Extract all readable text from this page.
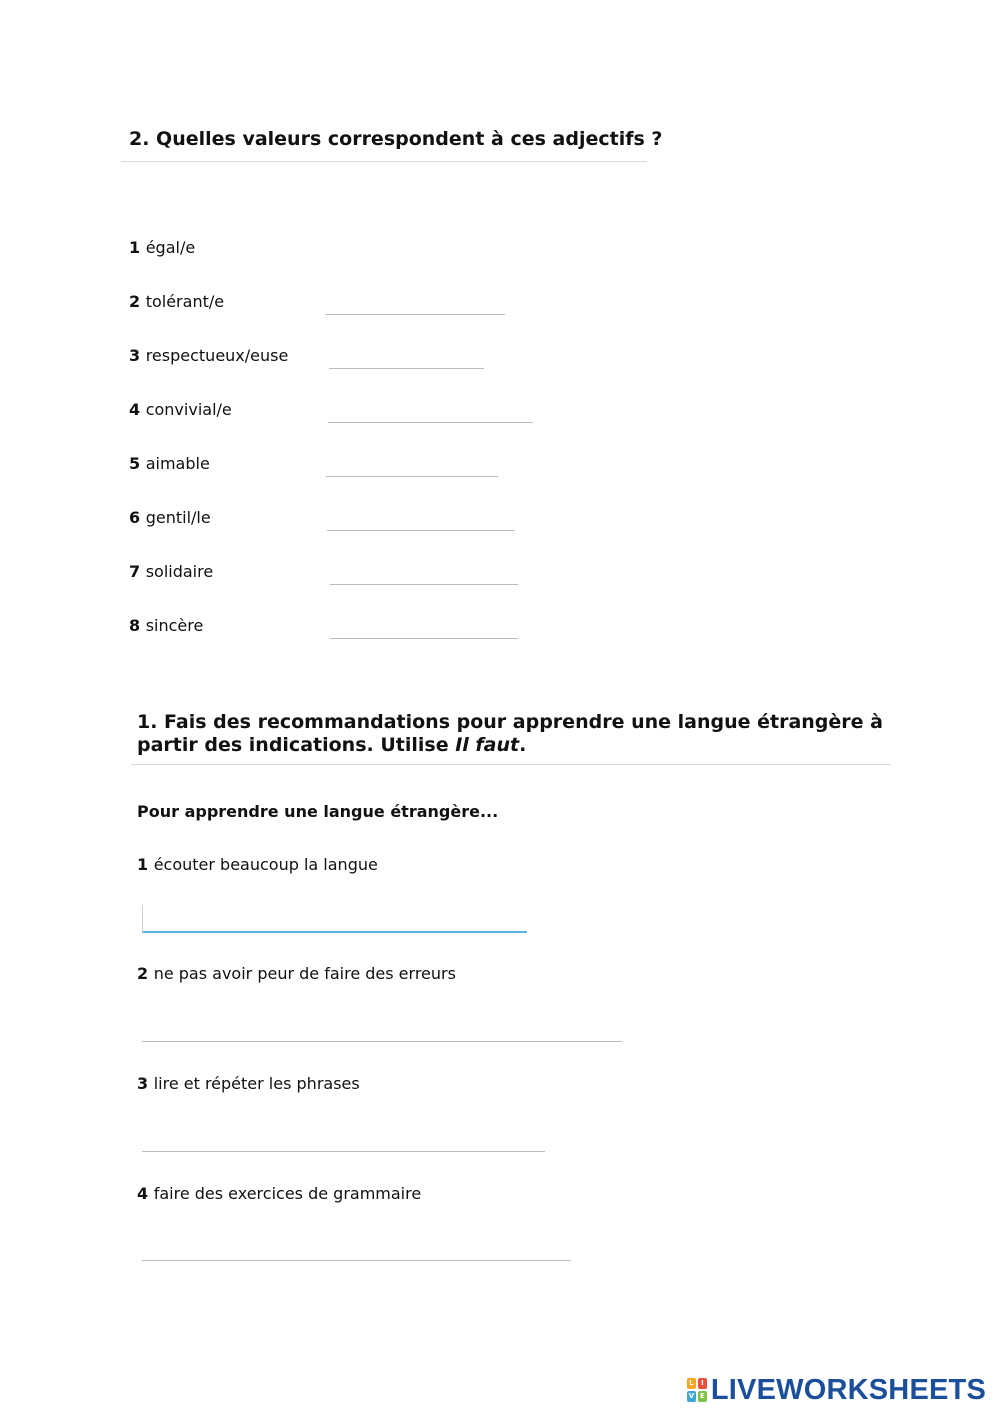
2. Quelles valeurs correspondent à ces adjectifs ?
1 égal/e
2 tolérant/e
3 respectueux/euse
4 convivial/e
5 aimable
6 gentil/le
7 solidaire
8 sincère
1. Fais des recommandations pour apprendre une langue étrangère à partir des indications. Utilise Il faut.
Pour apprendre une langue étrangère...
1 écouter beaucoup la langue
2 ne pas avoir peur de faire des erreurs
3 lire et répéter les phrases
4 faire des exercices de grammaire
L	I
V E LIVEWORKSHEETS
